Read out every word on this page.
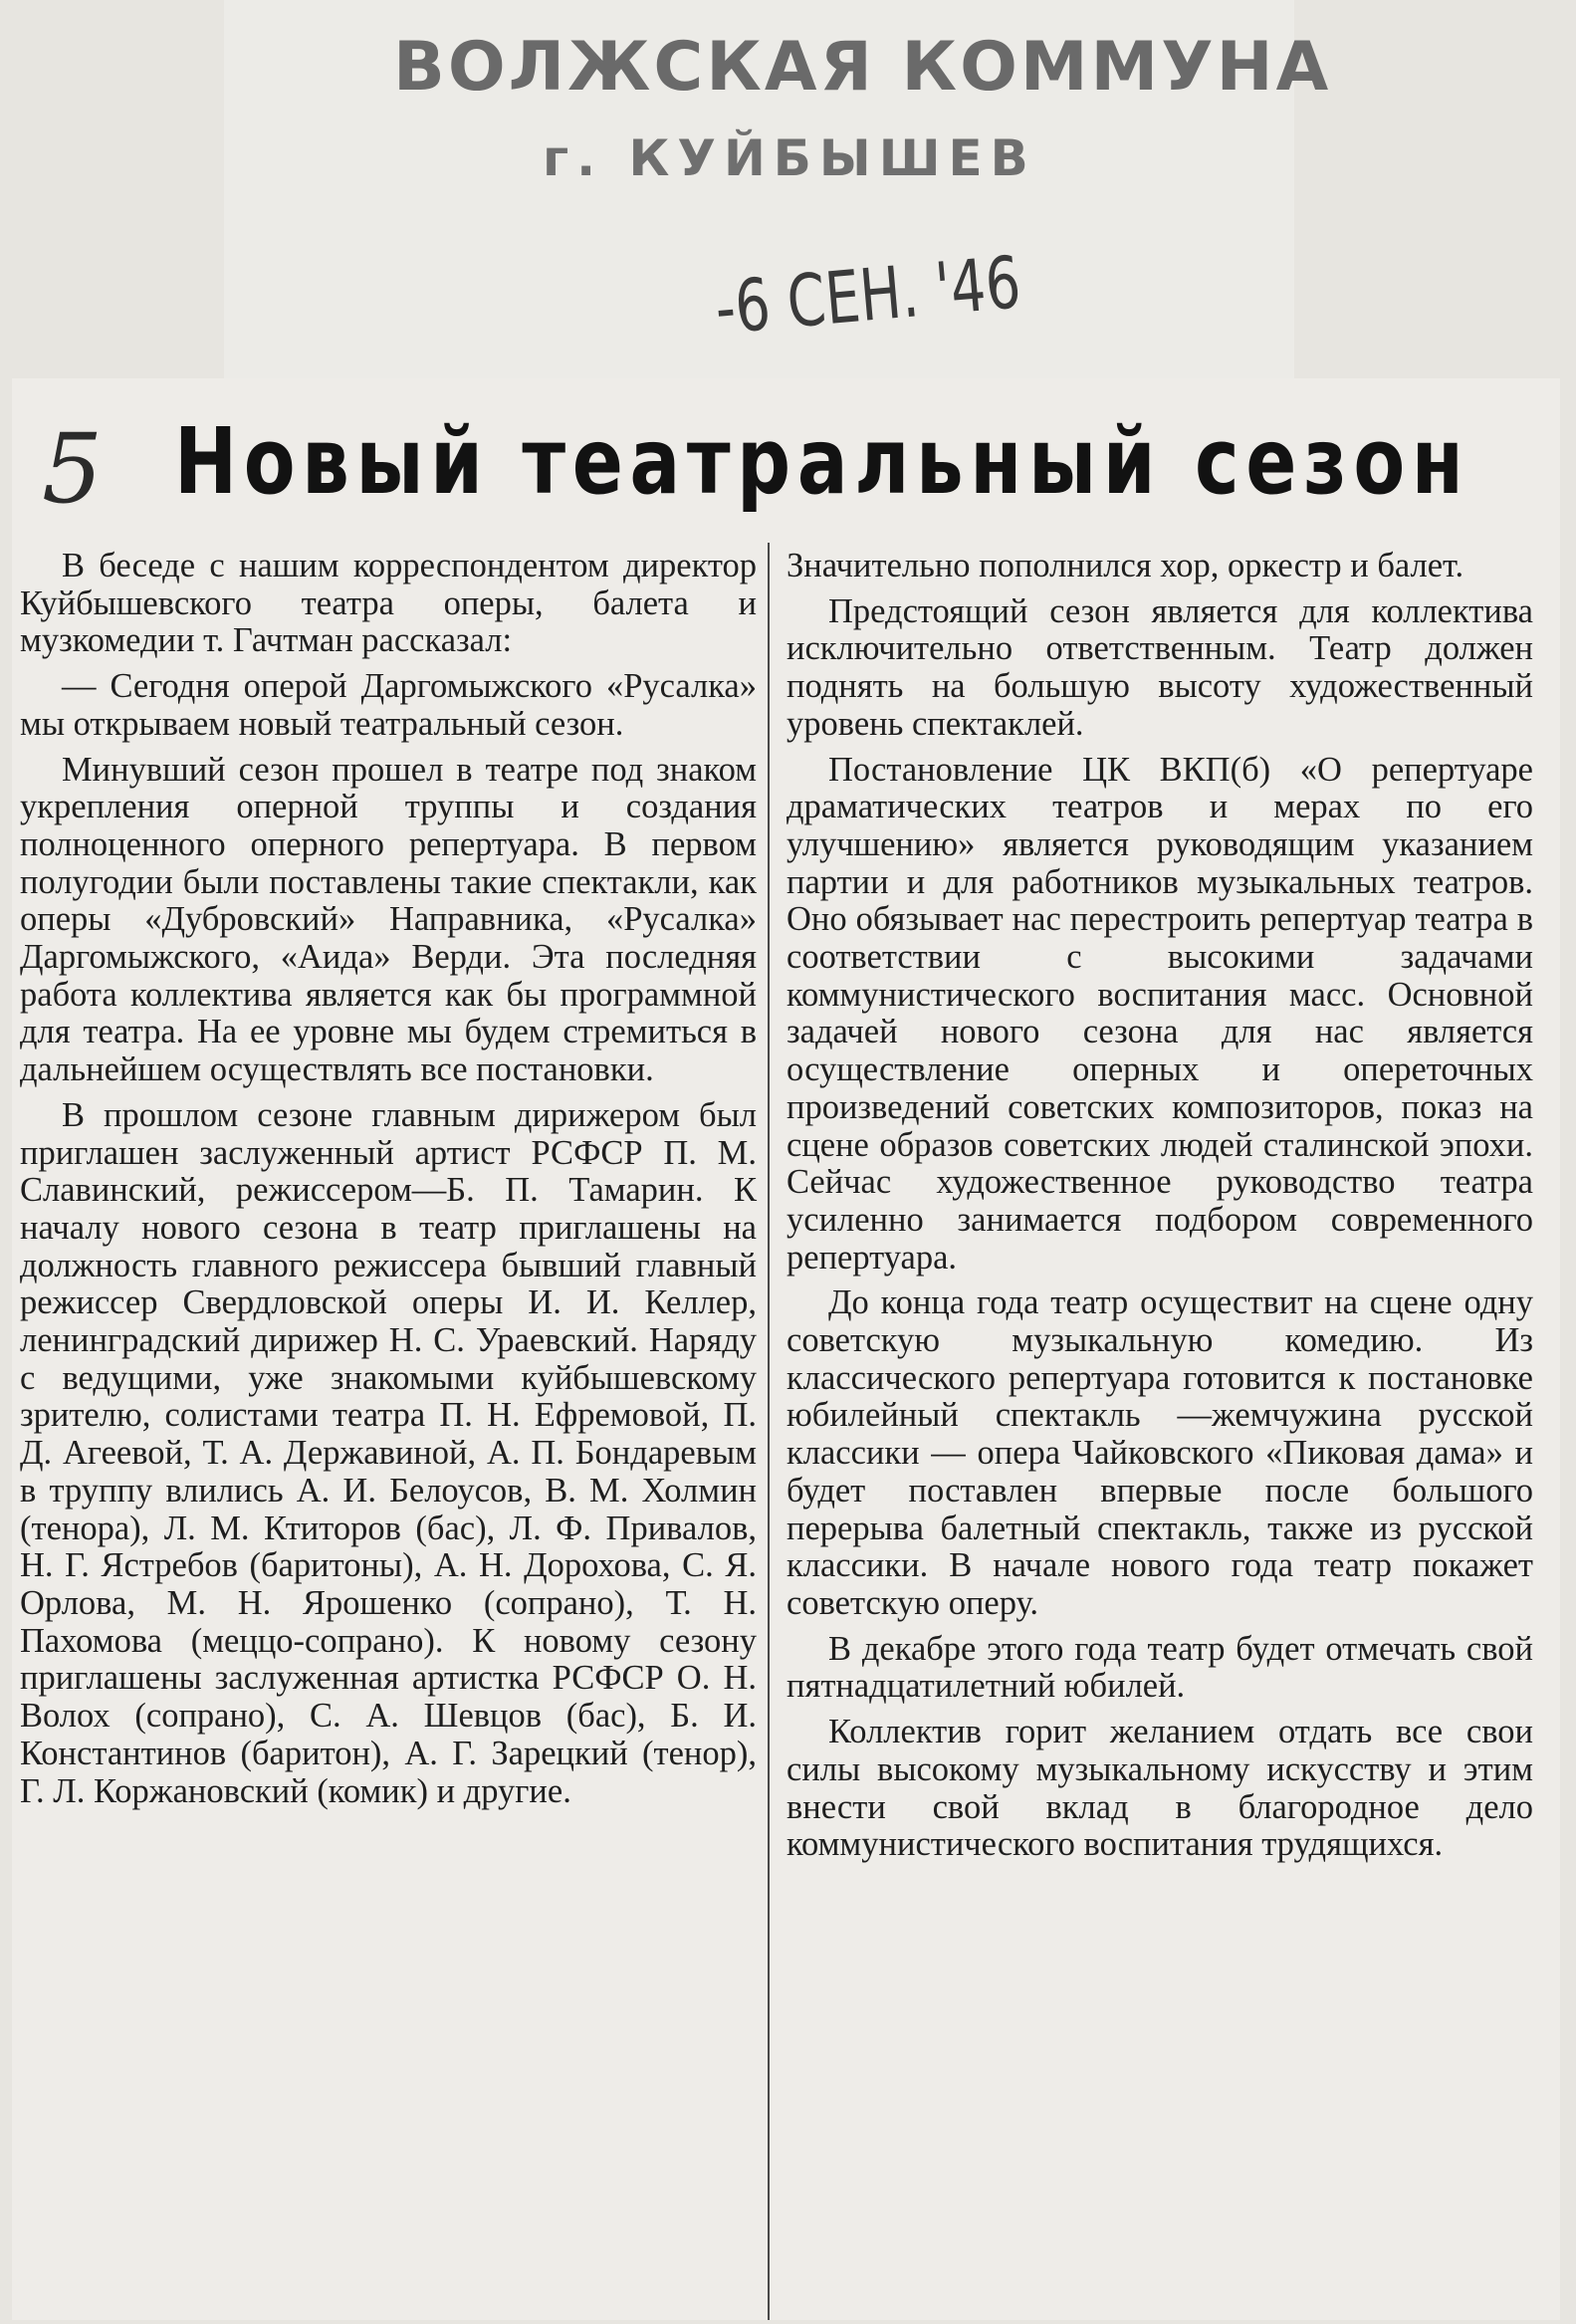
ВОЛЖСКАЯ КОММУНА
г. КУЙБЫШЕВ
-6 СЕН. '46
5 Новый театральный сезон

В беседе с нашим корреспондентом директор Куйбышевского театра оперы, балета и музкомедии т. Гачтман рассказал:

— Сегодня оперой Даргомыжского «Русалка» мы открываем новый театральный сезон.

Минувший сезон прошел в театре под знаком укрепления оперной труппы и создания полноценного оперного репертуара. В первом полугодии были поставлены такие спектакли, как оперы «Дубровский» Направника, «Русалка» Даргомыжского, «Аида» Верди. Эта последняя работа коллектива является как бы программной для театра. На ее уровне мы будем стремиться в дальнейшем осуществлять все постановки.

В прошлом сезоне главным дирижером был приглашен заслуженный артист РСФСР П. М. Славинский, режиссером—Б. П. Тамарин. К началу нового сезона в театр приглашены на должность главного режиссера бывший главный режиссер Свердловской оперы И. И. Келлер, ленинградский дирижер Н. С. Ураевский. Наряду с ведущими, уже знакомыми куйбышевскому зрителю, солистами театра П. Н. Ефремовой, П. Д. Агеевой, Т. А. Державиной, А. П. Бондаревым в труппу влились А. И. Белоусов, В. М. Холмин (тенора), Л. М. Ктиторов (бас), Л. Ф. Привалов, Н. Г. Ястребов (баритоны), А. Н. Дорохова, С. Я. Орлова, М. Н. Ярошенко (сопрано), Т. Н. Пахомова (меццо-сопрано). К новому сезону приглашены заслуженная артистка РСФСР О. Н. Волох (сопрано), С. А. Шевцов (бас), Б. И. Константинов (баритон), А. Г. Зарецкий (тенор), Г. Л. Коржановский (комик) и другие.

Значительно пополнился хор, оркестр и балет.

Предстоящий сезон является для коллектива исключительно ответственным. Театр должен поднять на большую высоту художественный уровень спектаклей.

Постановление ЦК ВКП(б) «О репертуаре драматических театров и мерах по его улучшению» является руководящим указанием партии и для работников музыкальных театров. Оно обязывает нас перестроить репертуар театра в соответствии с высокими задачами коммунистического воспитания масс. Основной задачей нового сезона для нас является осуществление оперных и опереточных произведений советских композиторов, показ на сцене образов советских людей сталинской эпохи. Сейчас художественное руководство театра усиленно занимается подбором современного репертуара.

До конца года театр осуществит на сцене одну советскую музыкальную комедию. Из классического репертуара готовится к постановке юбилейный спектакль —жемчужина русской классики — опера Чайковского «Пиковая дама» и будет поставлен впервые после большого перерыва балетный спектакль, также из русской классики. В начале нового года театр покажет советскую оперу.

В декабре этого года театр будет отмечать свой пятнадцатилетний юбилей.

Коллектив горит желанием отдать все свои силы высокому музыкальному искусству и этим внести свой вклад в благородное дело коммунистического воспитания трудящихся.
